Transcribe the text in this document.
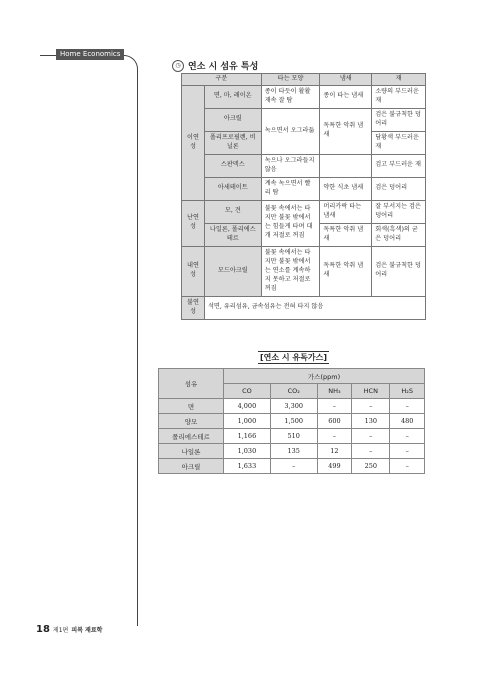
Home Economics
◷ 연소 시 섬유 특성
구분		타는 모양	냄새	재
이연성	면, 마, 레이온	종이 타듯이 활활 재속 잘 탐	종이 타는 냄새	소량의 부드러운 재
	아크릴	녹으면서 오그라듦	독특한 악취 냄새	검은 불규칙한 덩어리
	폴리프로필렌, 비닐론			담황색 부드러운 재
	스판덱스	녹으나 오그라들지 않음		검고 부드러운 재
	아세테이트	계속 녹으면서 빨리 탐	약한 식초 냄새	검은 덩어리
난연성	모, 견	불꽃 속에서는 타지만 불꽃 밖에서는 힘들게 타며 대개 저절로 꺼짐	머리카락 타는 냄새	잘 부서지는 검은 덩어리
	나일론, 폴리에스테르		독특한 악취 냄새	회색(흑색)의 굳은 덩어리
내연성	모드아크릴	불꽃 속에서는 타지만 불꽃 밖에서는 연소를 계속하지 못하고 저절로 꺼짐	독특한 악취 냄새	검은 불규칙한 덩어리
불연성	석면, 유리섬유, 금속섬유는 전혀 타지 않음			
[연소 시 유독가스]
섬유	가스(ppm)				
	CO	CO₂	NH₃	HCN	H₂S
면	4,000	3,300	–	–	–
양모	1,000	1,500	600	130	480
폴리에스테르	1,166	510	–	–	–
나일론	1,030	135	12	–	–
아크릴	1,633	–	499	250	–
18 제1편 피복 재료학
